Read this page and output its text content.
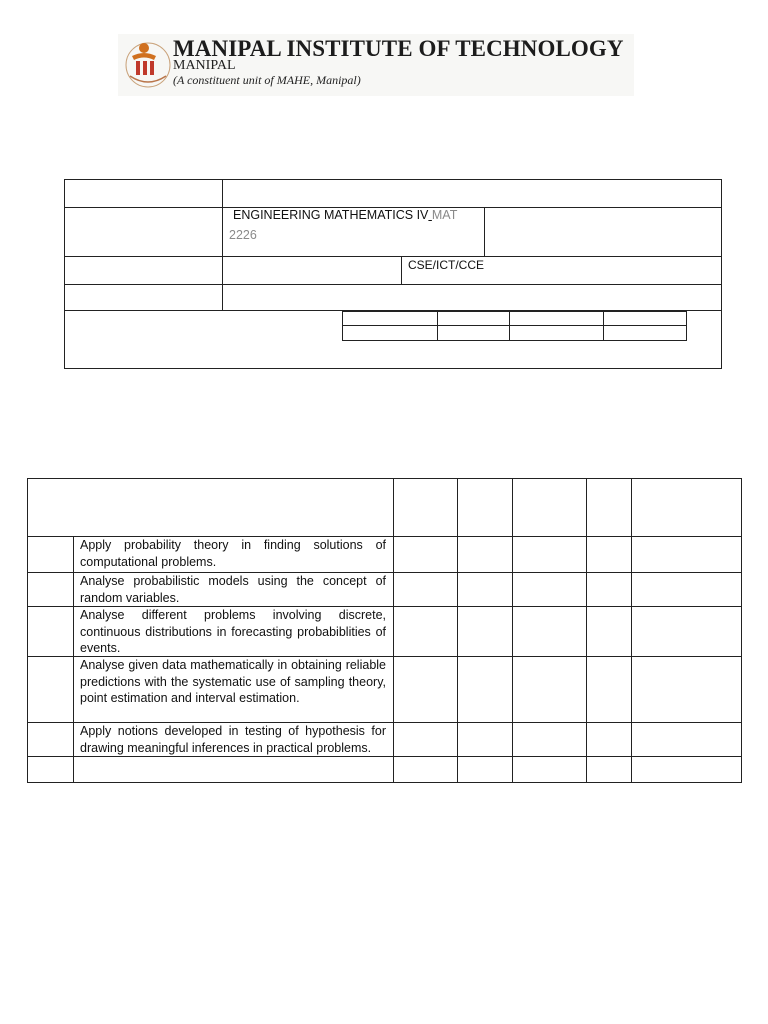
MANIPAL INSTITUTE OF TECHNOLOGY
MANIPAL
(A constituent unit of MAHE, Manipal)
ENGINEERING MATHEMATICS IV MAT
2226
CSE/ICT/CCE
Apply probability theory in finding solutions of computational problems.
Analyse probabilistic models using the concept of random variables.
Analyse different problems involving discrete, continuous distributions in forecasting probabiblities of events.
Analyse given data mathematically in obtaining reliable predictions with the systematic use of sampling theory, point estimation and interval estimation.
Apply notions developed in testing of hypothesis for drawing meaningful inferences in practical problems.
